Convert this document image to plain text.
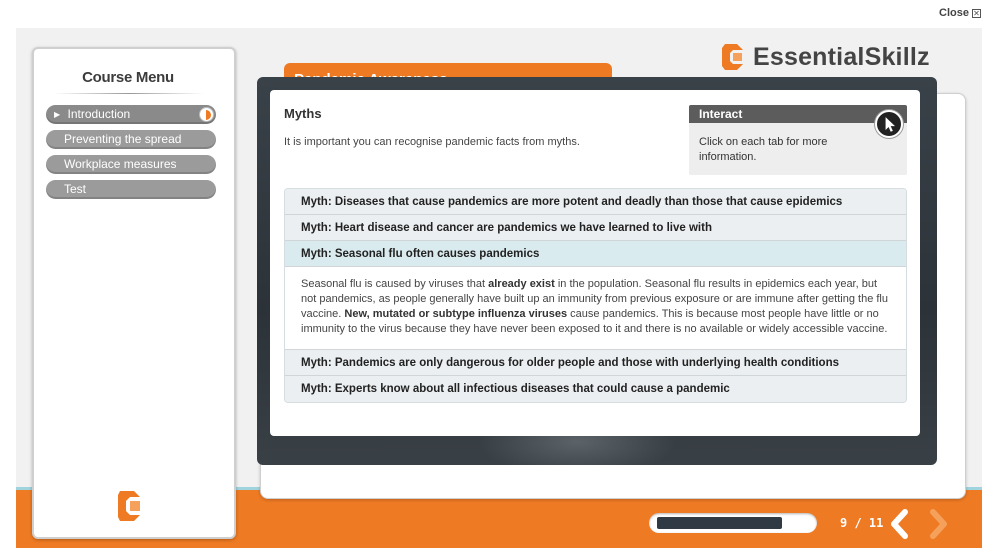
Close ✕
Course Menu
▶ Introduction
Preventing the spread
Workplace measures
Test
EssentialSkillz
Myths
It is important you can recognise pandemic facts from myths.
Interact
Click on each tab for more information.
Myth: Diseases that cause pandemics are more potent and deadly than those that cause epidemics
Myth: Heart disease and cancer are pandemics we have learned to live with
Myth: Seasonal flu often causes pandemics
Seasonal flu is caused by viruses that already exist in the population. Seasonal flu results in epidemics each year, but not pandemics, as people generally have built up an immunity from previous exposure or are immune after getting the flu vaccine. New, mutated or subtype influenza viruses cause pandemics. This is because most people have little or no immunity to the virus because they have never been exposed to it and there is no available or widely accessible vaccine.
Myth: Pandemics are only dangerous for older people and those with underlying health conditions
Myth: Experts know about all infectious diseases that could cause a pandemic
9 / 11
